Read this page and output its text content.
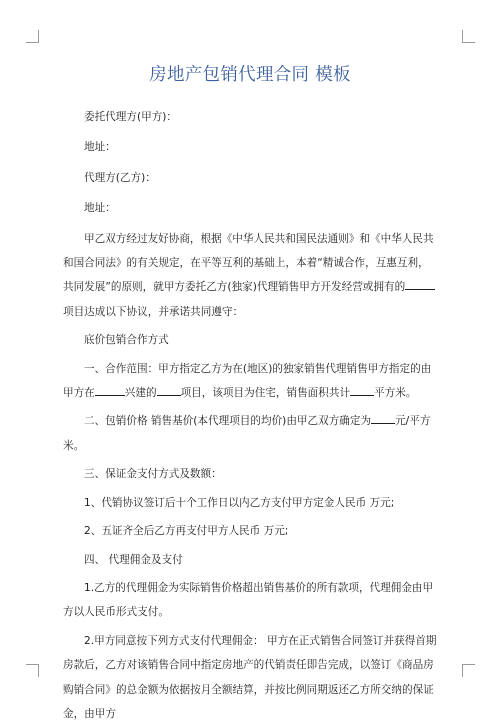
房地产包销代理合同 模板

委托代理方(甲方)：

地址：

代理方(乙方)：

地址：

甲乙双方经过友好协商，根据《中华人民共和国民法通则》和《中华人民共和国合同法》的有关规定，在平等互利的基础上，本着“精诚合作，互惠互利，共同发展”的原则，就甲方委托乙方(独家)代理销售甲方开发经营或拥有的项目达成以下协议，并承诺共同遵守：

底价包销合作方式

一、合作范围：甲方指定乙方为在(地区)的独家销售代理销售甲方指定的由甲方在	兴建的 项目，该项目为住宅，销售面积共计 平方米。

二、包销价格 销售基价(本代理项目的均价)由甲乙双方确定为 元/平方米。

三、保证金支付方式及数额：

1、代销协议签订后十个工作日以内乙方支付甲方定金人民币 万元;

2、五证齐全后乙方再支付甲方人民币 万元;

四、 代理佣金及支付

1.乙方的代理佣金为实际销售价格超出销售基价的所有款项，代理佣金由甲方以人民币形式支付。

2.甲方同意按下列方式支付代理佣金： 甲方在正式销售合同签订并获得首期房款后，乙方对该销售合同中指定房地产的代销责任即告完成，以签订《商品房购销合同》的总金额为依据按月全额结算，并按比例同期返还乙方所交纳的保证金，由甲方
